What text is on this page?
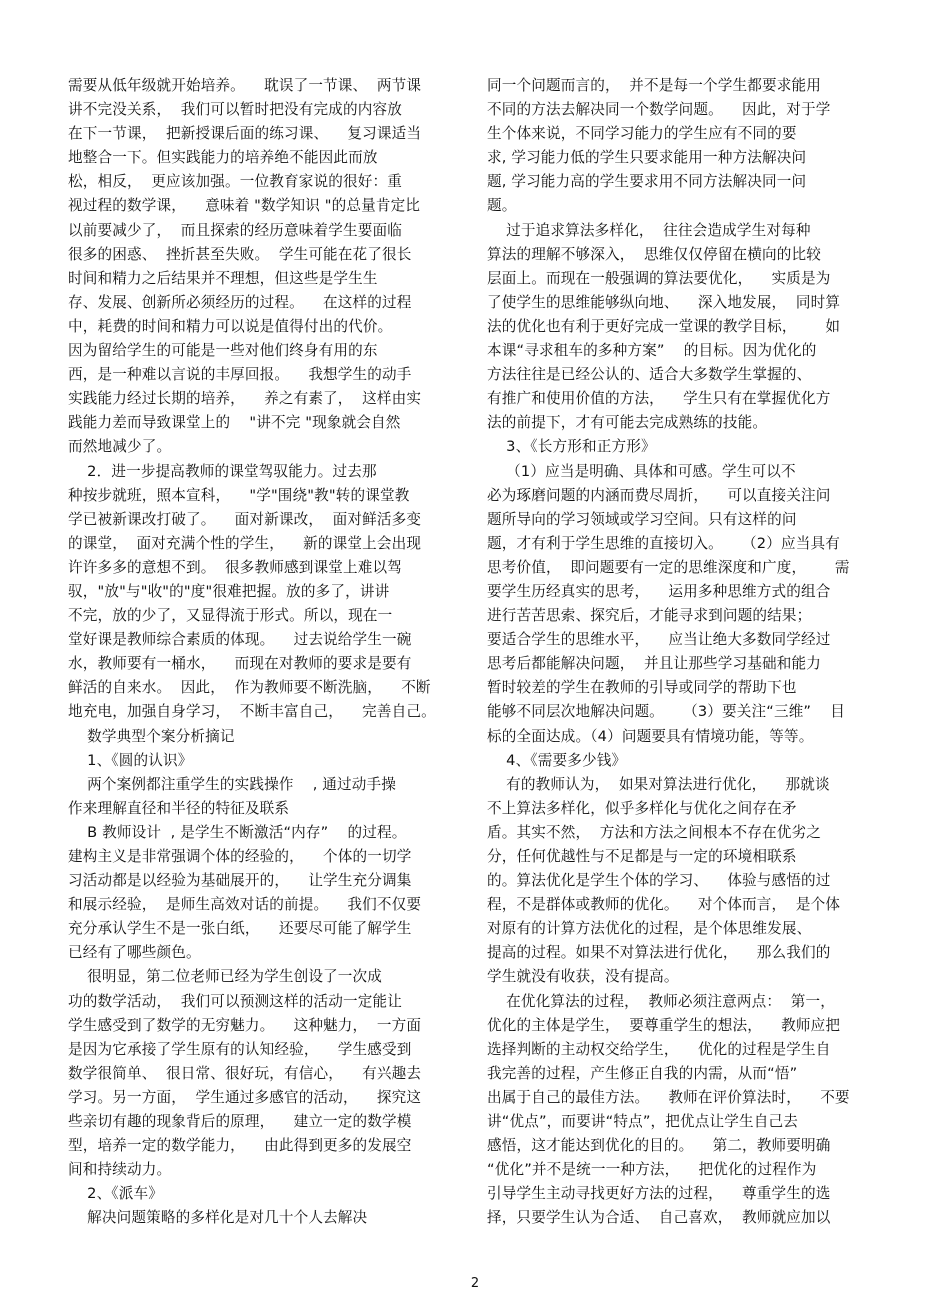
需要从低年级就开始培养。    耽误了一节课、  两节课
讲不完没关系，  我们可以暂时把没有完成的内容放
在下一节课，  把新授课后面的练习课、    复习课适当
地整合一下。但实践能力的培养绝不能因此而放
松，相反，  更应该加强。一位教育家说的很好：重
视过程的数学课，    意味着 "数学知识 "的总量肯定比
以前要减少了，  而且探索的经历意味着学生要面临
很多的困惑、  挫折甚至失败。  学生可能在花了很长
时间和精力之后结果并不理想，但这些是学生生
存、发展、创新所必须经历的过程。    在这样的过程
中，耗费的时间和精力可以说是值得付出的代价。
因为留给学生的可能是一些对他们终身有用的东
西，是一种难以言说的丰厚回报。    我想学生的动手
实践能力经过长期的培养，    养之有素了，  这样由实
践能力差而导致课堂上的    "讲不完 "现象就会自然
而然地减少了。
2．进一步提高教师的课堂驾驭能力。过去那
种按步就班，照本宣科，    "学"围绕"教"转的课堂教
学已被新课改打破了。    面对新课改，  面对鲜活多变
的课堂，  面对充满个性的学生，    新的课堂上会出现
许许多多的意想不到。  很多教师感到课堂上难以驾
驭，"放"与"收"的"度"很难把握。放的多了，讲讲
不完，放的少了，又显得流于形式。所以，现在一
堂好课是教师综合素质的体现。    过去说给学生一碗
水，教师要有一桶水，    而现在对教师的要求是要有
鲜活的自来水。  因此，  作为教师要不断洗脑，    不断
地充电，加强自身学习，  不断丰富自己，    完善自己。
数学典型个案分析摘记
1、《圆的认识》
两个案例都注重学生的实践操作    , 通过动手操
作来理解直径和半径的特征及联系
B 教师设计  , 是学生不断激活“内存”    的过程。
建构主义是非常强调个体的经验的，    个体的一切学
习活动都是以经验为基础展开的，    让学生充分调集
和展示经验，  是师生高效对话的前提。    我们不仅要
充分承认学生不是一张白纸，    还要尽可能了解学生
已经有了哪些颜色。
很明显，第二位老师已经为学生创设了一次成
功的数学活动，  我们可以预测这样的活动一定能让
学生感受到了数学的无穷魅力。    这种魅力，  一方面
是因为它承接了学生原有的认知经验，    学生感受到
数学很简单、  很日常、很好玩，有信心，    有兴趣去
学习。另一方面，  学生通过多感官的活动，    探究这
些亲切有趣的现象背后的原理，    建立一定的数学模
型，培养一定的数学能力，    由此得到更多的发展空
间和持续动力。
2、《派车》
解决问题策略的多样化是对几十个人去解决
同一个问题而言的，  并不是每一个学生都要求能用
不同的方法去解决同一个数学问题。    因此，对于学
生个体来说，不同学习能力的学生应有不同的要
求, 学习能力低的学生只要求能用一种方法解决问
题, 学习能力高的学生要求用不同方法解决同一问
题。
过于追求算法多样化，  往往会造成学生对每种
算法的理解不够深入，  思维仅仅停留在横向的比较
层面上。而现在一般强调的算法要优化，    实质是为
了使学生的思维能够纵向地、    深入地发展，  同时算
法的优化也有利于更好完成一堂课的教学目标，      如
本课“寻求租车的多种方案”    的目标。因为优化的
方法往往是已经公认的、适合大多数学生掌握的、
有推广和使用价值的方法，    学生只有在掌握优化方
法的前提下，才有可能去完成熟练的技能。
3、《长方形和正方形》
（1）应当是明确、具体和可感。学生可以不
必为琢磨问题的内涵而费尽周折，    可以直接关注问
题所导向的学习领域或学习空间。只有这样的问
题，才有利于学生思维的直接切入。    （2）应当具有
思考价值，  即问题要有一定的思维深度和广度，      需
要学生历经真实的思考，    运用多种思维方式的组合
进行苦苦思索、探究后，才能寻求到问题的结果；
要适合学生的思维水平，    应当让绝大多数同学经过
思考后都能解决问题，  并且让那些学习基础和能力
暂时较差的学生在教师的引导或同学的帮助下也
能够不同层次地解决问题。    （3）要关注“三维”    目
标的全面达成。（4）问题要具有情境功能，等等。
4、《需要多少钱》
有的教师认为，  如果对算法进行优化，    那就谈
不上算法多样化，似乎多样化与优化之间存在矛
盾。其实不然，  方法和方法之间根本不存在优劣之
分，任何优越性与不足都是与一定的环境相联系
的。算法优化是学生个体的学习、    体验与感悟的过
程，不是群体或教师的优化。    对个体而言，  是个体
对原有的计算方法优化的过程，是个体思维发展、
提高的过程。如果不对算法进行优化，    那么我们的
学生就没有收获，没有提高。
在优化算法的过程，  教师必须注意两点：  第一，
优化的主体是学生，  要尊重学生的想法，    教师应把
选择判断的主动权交给学生，    优化的过程是学生自
我完善的过程，产生修正自我的内需，从而“悟”
出属于自己的最佳方法。    教师在评价算法时，    不要
讲“优点”，而要讲“特点”，把优点让学生自己去
感悟，这才能达到优化的目的。    第二，教师要明确
“优化”并不是统一一种方法，    把优化的过程作为
引导学生主动寻找更好方法的过程，    尊重学生的选
择，只要学生认为合适、  自己喜欢，  教师就应加以
2
